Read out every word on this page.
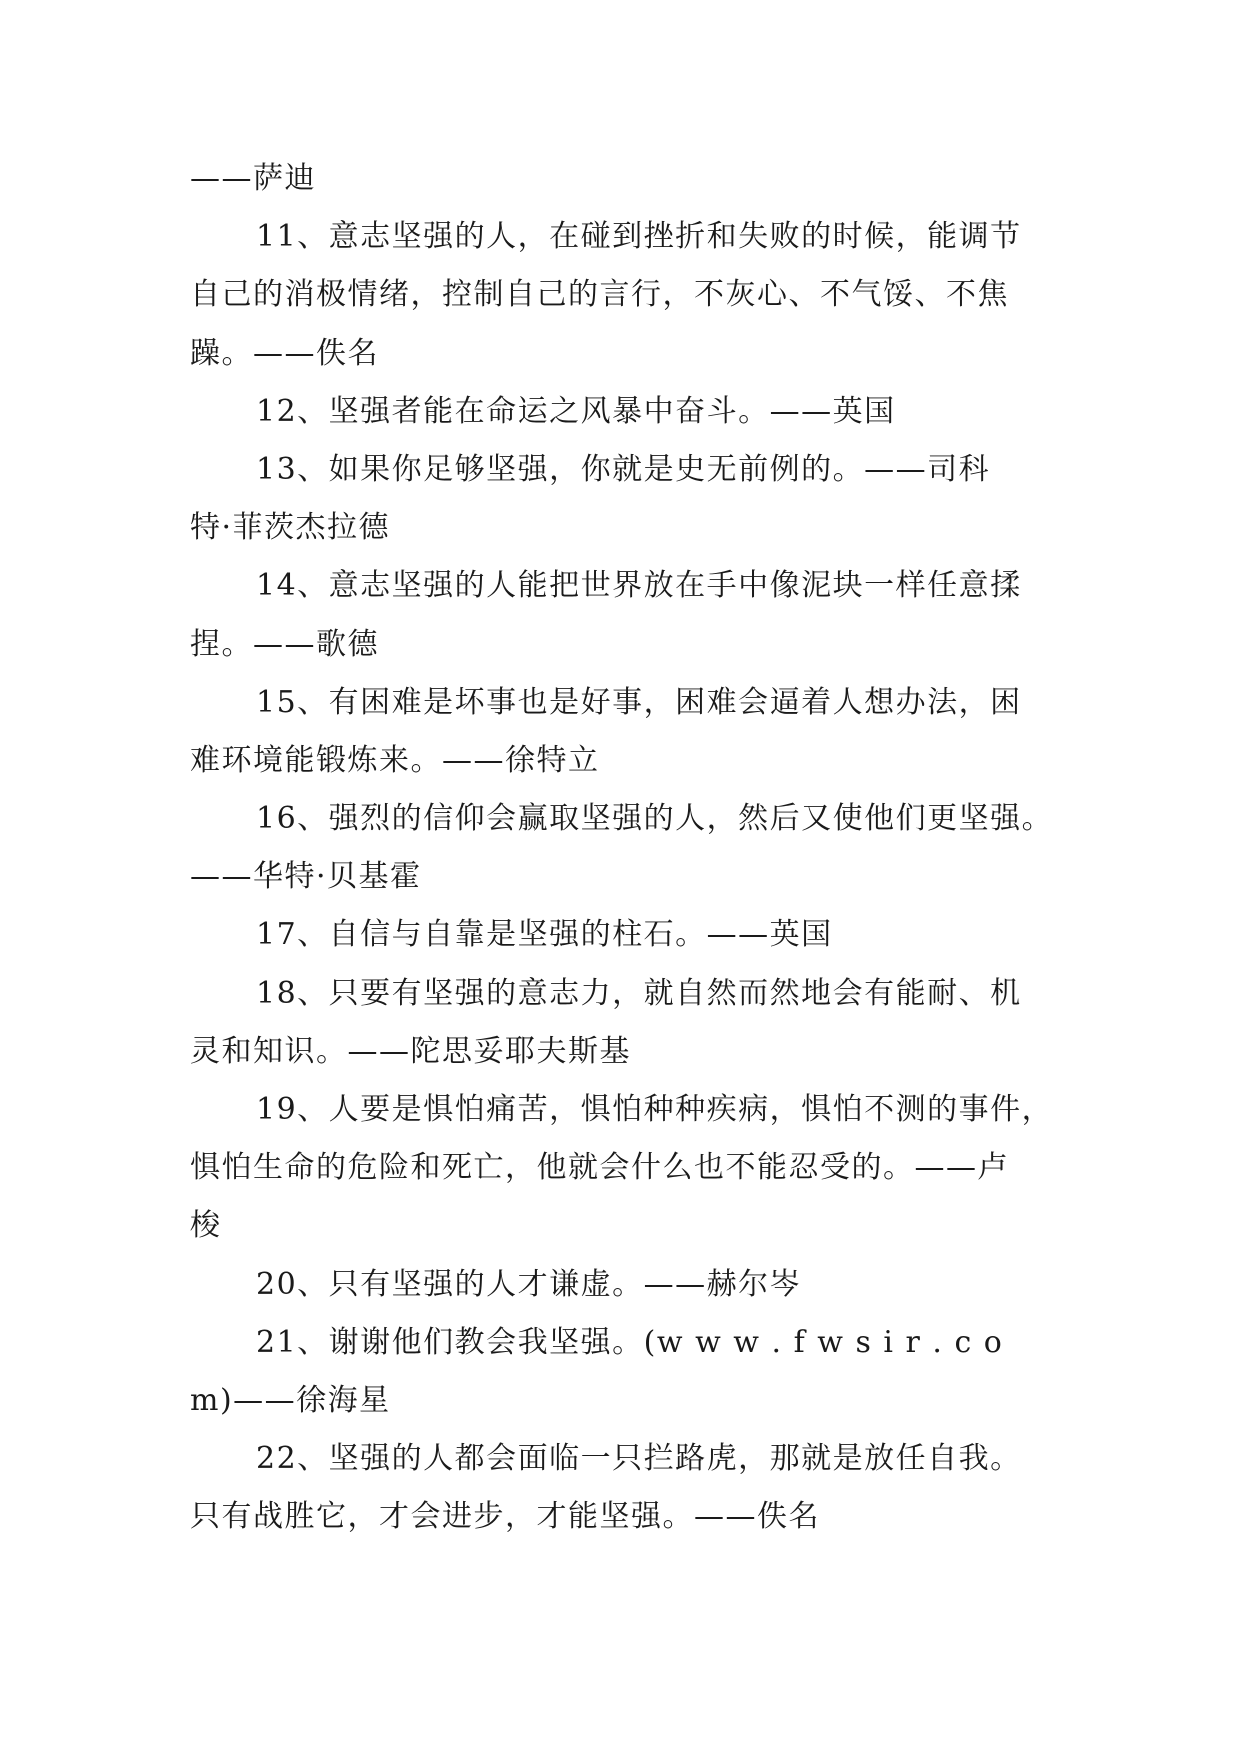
——萨迪
11、意志坚强的人，在碰到挫折和失败的时候，能调节
自己的消极情绪，控制自己的言行，不灰心、不气馁、不焦
躁。——佚名
12、坚强者能在命运之风暴中奋斗。——英国
13、如果你足够坚强，你就是史无前例的。——司科
特·菲茨杰拉德
14、意志坚强的人能把世界放在手中像泥块一样任意揉
捏。——歌德
15、有困难是坏事也是好事，困难会逼着人想办法，困
难环境能锻炼来。——徐特立
16、强烈的信仰会赢取坚强的人，然后又使他们更坚强。
——华特·贝基霍
17、自信与自靠是坚强的柱石。——英国
18、只要有坚强的意志力，就自然而然地会有能耐、机
灵和知识。——陀思妥耶夫斯基
19、人要是惧怕痛苦，惧怕种种疾病，惧怕不测的事件，
惧怕生命的危险和死亡，他就会什么也不能忍受的。——卢
梭
20、只有坚强的人才谦虚。——赫尔岑
21、谢谢他们教会我坚强。(w w w . f w s i r . c o
m)——徐海星
22、坚强的人都会面临一只拦路虎，那就是放任自我。
只有战胜它，才会进步，才能坚强。——佚名
